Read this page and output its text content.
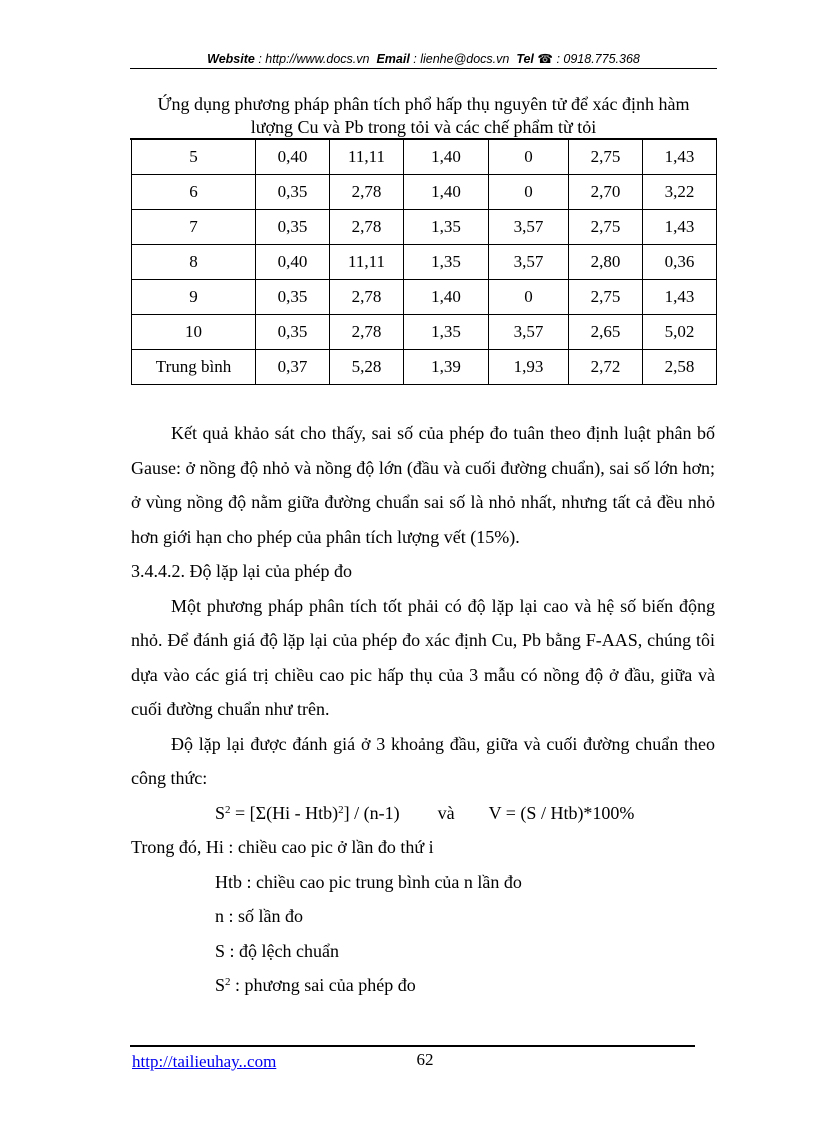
Website : http://www.docs.vn Email : lienhe@docs.vn Tel ☎ : 0918.775.368
Ứng dụng phương pháp phân tích phổ hấp thụ nguyên tử để xác định hàm
lượng Cu và Pb trong tỏi và các chế phẩm từ tỏi
5	0,40	11,11	1,40	0	2,75	1,43
6	0,35	2,78	1,40	0	2,70	3,22
7	0,35	2,78	1,35	3,57	2,75	1,43
8	0,40	11,11	1,35	3,57	2,80	0,36
9	0,35	2,78	1,40	0	2,75	1,43
10	0,35	2,78	1,35	3,57	2,65	5,02
Trung bình	0,37	5,28	1,39	1,93	2,72	2,58

Kết quả khảo sát cho thấy, sai số của phép đo tuân theo định luật phân bố Gause: ở nồng độ nhỏ và nồng độ lớn (đầu và cuối đường chuẩn), sai số lớn hơn; ở vùng nồng độ nằm giữa đường chuẩn sai số là nhỏ nhất, nhưng tất cả đều nhỏ hơn giới hạn cho phép của phân tích lượng vết (15%).

3.4.4.2. Độ lặp lại của phép đo

Một phương pháp phân tích tốt phải có độ lặp lại cao và hệ số biến động nhỏ. Để đánh giá độ lặp lại của phép đo xác định Cu, Pb bằng F-AAS, chúng tôi dựa vào các giá trị chiều cao pic hấp thụ của 3 mẫu có nồng độ ở đầu, giữa và cuối đường chuẩn như trên.

Độ lặp lại được đánh giá ở 3 khoảng đầu, giữa và cuối đường chuẩn theo công thức:

$S^2 = [\Sigma(Hi - Htb)^2] / (n-1)$ và V = (S / Htb)*100%

Trong đó, Hi : chiều cao pic ở lần đo thứ i

Htb : chiều cao pic trung bình của n lần đo

n : số lần đo

S : độ lệch chuẩn

$S^2$ : phương sai của phép đo

http://tailieuhay..com	62
